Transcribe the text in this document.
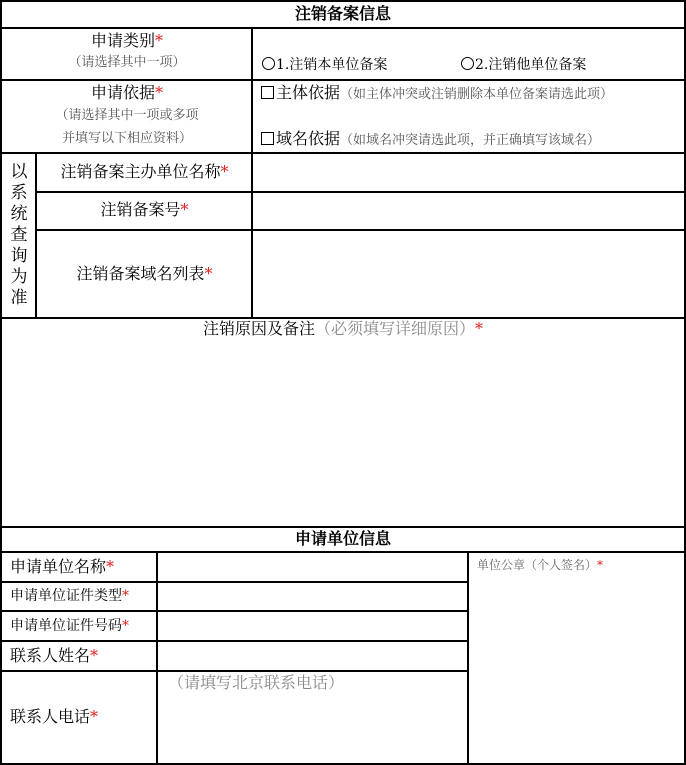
注销备案信息
申请类别*
（请选择其中一项）	1.注销本单位备案	2.注销他单位备案
申请依据*
（请选择其中一项或多项
并填写以下相应资料）
主体依据（如主体冲突或注销删除本单位备案请选此项）
域名依据（如域名冲突请选此项，并正确填写该域名）
以
系
统
查
询
为
准
注销备案主办单位名称*
注销备案号*
注销备案域名列表*
注销原因及备注（必须填写详细原因）*
申请单位信息
申请单位名称*
申请单位证件类型*
申请单位证件号码*
联系人姓名*
联系人电话*
（请填写北京联系电话）
单位公章（个人签名）*
